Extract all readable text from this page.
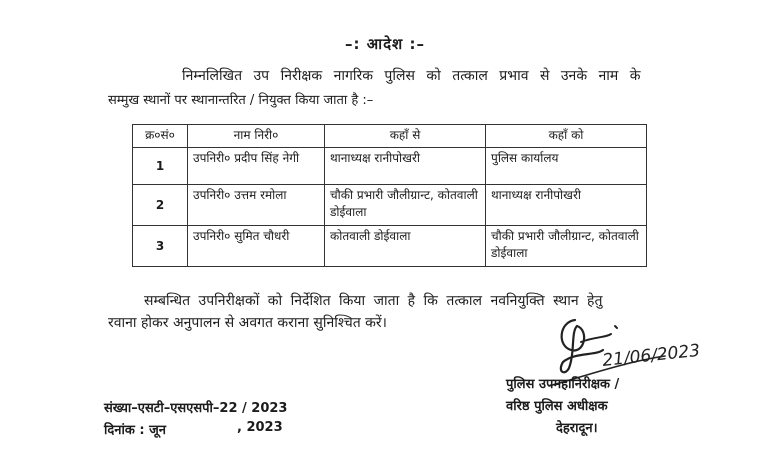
–: आदेश :–
निम्नलिखित उप निरीक्षक नागरिक पुलिस को तत्काल प्रभाव से उनके नाम के
सम्मुख स्थानों पर स्थानान्तरित / नियुक्त किया जाता है :–
क्र०सं०	नाम निरी०	कहाँ से	कहाँ को
1	उपनिरी० प्रदीप सिंह नेगी	थानाध्यक्ष रानीपोखरी	पुलिस कार्यालय
2	उपनिरी० उत्तम रमोला	चौकी प्रभारी जौलीग्रान्ट, कोतवाली डोईवाला	थानाध्यक्ष रानीपोखरी
3	उपनिरी० सुमित चौधरी	कोतवाली डोईवाला	चौकी प्रभारी जौलीग्रान्ट, कोतवाली डोईवाला
सम्बन्धित उपनिरीक्षकों को निर्देशित किया जाता है कि तत्काल नवनियुक्ति स्थान हेतु
रवाना होकर अनुपालन से अवगत कराना सुनिश्चित करें।
21/06/2023
संख्या–एसटी–एसएसपी–22 / 2023
दिनांक : जून	, 2023
पुलिस उपमहानिरीक्षक /
वरिष्ठ पुलिस अधीक्षक
देहरादून।
